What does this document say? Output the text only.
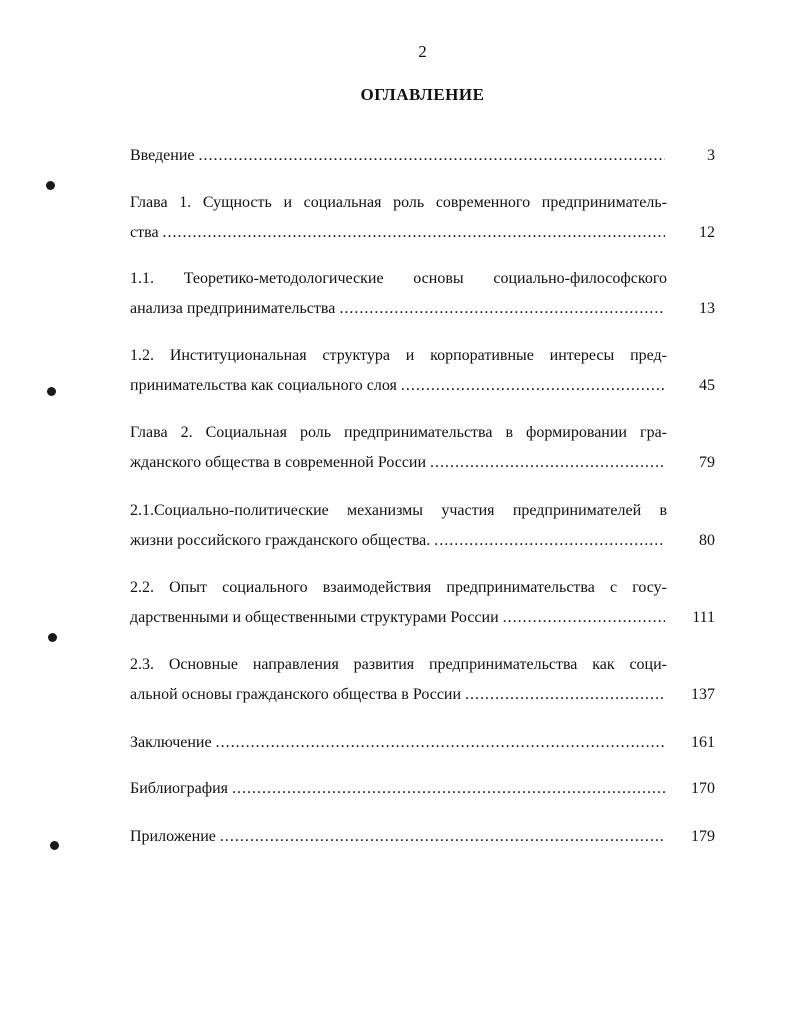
2
ОГЛАВЛЕНИЕ
Введение .....	3
Глава 1. Сущность и социальная роль современного предприниматель-
ства .....	12
1.1. Теоретико-методологические основы социально-философского
анализа предпринимательства .....	13
1.2. Институциональная структура и корпоративные интересы пред-
принимательства как социального слоя .....	45
Глава 2. Социальная роль предпринимательства в формировании гра-
жданского общества в современной России .....	79
2.1.Социально-политические механизмы участия предпринимателей в
жизни российского гражданского общества. .....	80
2.2. Опыт социального взаимодействия предпринимательства с госу-
дарственными и общественными структурами России .....	111
2.3. Основные направления развития предпринимательства как соци-
альной основы гражданского общества в России .....	137
Заключение .....	161
Библиография .....	170
Приложение .....	179
